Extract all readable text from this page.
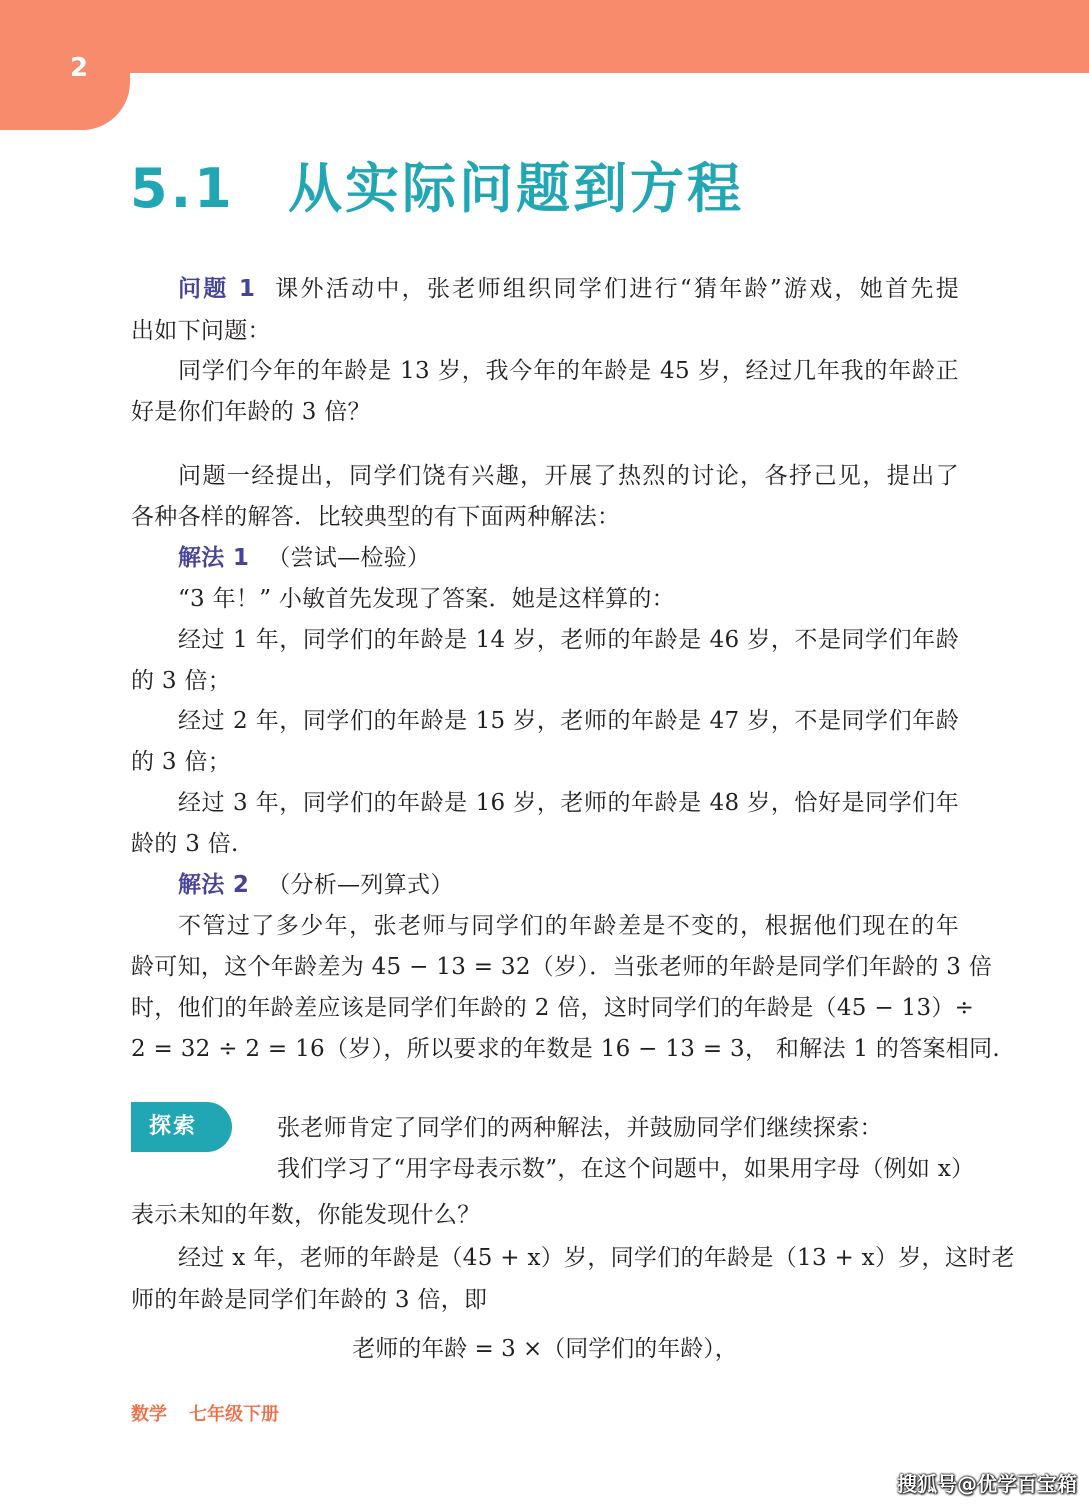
2
5.1 从实际问题到方程
问题 1 课外活动中，张老师组织同学们进行“猜年龄”游戏，她首先提
出如下问题：
同学们今年的年龄是 13 岁，我今年的年龄是 45 岁，经过几年我的年龄正
好是你们年龄的 3 倍？
问题一经提出，同学们饶有兴趣，开展了热烈的讨论，各抒己见，提出了
各种各样的解答．比较典型的有下面两种解法：
解法 1 （尝试—检验）
“3 年！” 小敏首先发现了答案．她是这样算的：
经过 1 年，同学们的年龄是 14 岁，老师的年龄是 46 岁，不是同学们年龄
的 3 倍；
经过 2 年，同学们的年龄是 15 岁，老师的年龄是 47 岁，不是同学们年龄
的 3 倍；
经过 3 年，同学们的年龄是 16 岁，老师的年龄是 48 岁，恰好是同学们年
龄的 3 倍.
解法 2 （分析—列算式）
不管过了多少年，张老师与同学们的年龄差是不变的，根据他们现在的年
龄可知，这个年龄差为 45 − 13 = 32（岁）．当张老师的年龄是同学们年龄的 3 倍
时，他们的年龄差应该是同学们年龄的 2 倍，这时同学们的年龄是（45 − 13）÷
2 = 32 ÷ 2 = 16（岁），所以要求的年数是 16 − 13 = 3， 和解法 1 的答案相同.
探索	张老师肯定了同学们的两种解法，并鼓励同学们继续探索：
我们学习了“用字母表示数”，在这个问题中，如果用字母（例如 x）
表示未知的年数，你能发现什么？
经过 x 年，老师的年龄是（45 + x）岁，同学们的年龄是（13 + x）岁，这时老
师的年龄是同学们年龄的 3 倍，即
老师的年龄 = 3 ×（同学们的年龄），
数学 七年级下册
搜狐号@优学百宝箱
